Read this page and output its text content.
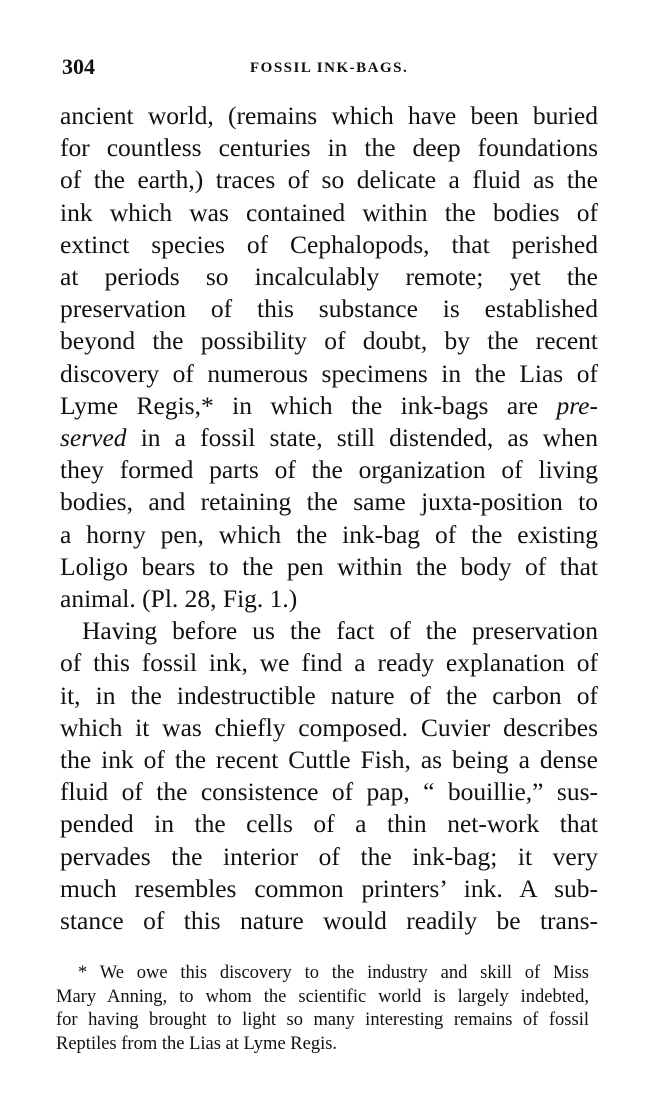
304	FOSSIL INK-BAGS.
ancient world, (remains which have been buried
for countless centuries in the deep foundations
of the earth,) traces of so delicate a fluid as the
ink which was contained within the bodies of
extinct species of Cephalopods, that perished
at periods so incalculably remote; yet the
preservation of this substance is established
beyond the possibility of doubt, by the recent
discovery of numerous specimens in the Lias of
Lyme Regis,* in which the ink-bags are pre-
served in a fossil state, still distended, as when
they formed parts of the organization of living
bodies, and retaining the same juxta-position to
a horny pen, which the ink-bag of the existing
Loligo bears to the pen within the body of that
animal. (Pl. 28, Fig. 1.)
Having before us the fact of the preservation
of this fossil ink, we find a ready explanation of
it, in the indestructible nature of the carbon of
which it was chiefly composed. Cuvier describes
the ink of the recent Cuttle Fish, as being a dense
fluid of the consistence of pap, “ bouillie,” sus-
pended in the cells of a thin net-work that
pervades the interior of the ink-bag; it very
much resembles common printers’ ink. A sub-
stance of this nature would readily be trans-
* We owe this discovery to the industry and skill of Miss
Mary Anning, to whom the scientific world is largely indebted,
for having brought to light so many interesting remains of fossil
Reptiles from the Lias at Lyme Regis.
